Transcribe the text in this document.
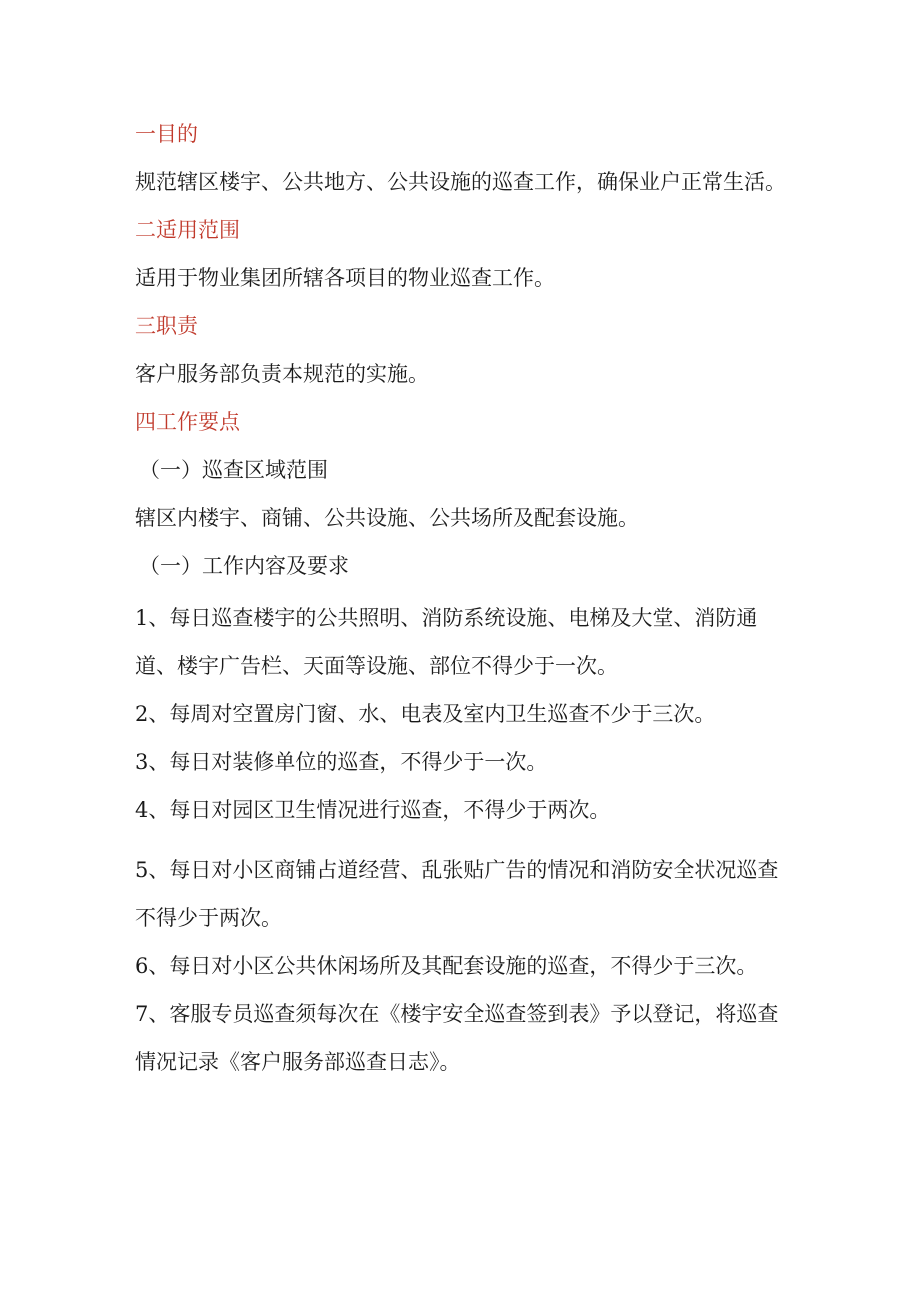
一目的
规范辖区楼宇、公共地方、公共设施的巡查工作，确保业户正常生活。
二适用范围
适用于物业集团所辖各项目的物业巡查工作。
三职责
客户服务部负责本规范的实施。
四工作要点
（一）巡查区域范围
辖区内楼宇、商铺、公共设施、公共场所及配套设施。
（一）工作内容及要求
1、每日巡查楼宇的公共照明、消防系统设施、电梯及大堂、消防通道、楼宇广告栏、天面等设施、部位不得少于一次。
2、每周对空置房门窗、水、电表及室内卫生巡查不少于三次。
3、每日对装修单位的巡查，不得少于一次。
4、每日对园区卫生情况进行巡查，不得少于两次。
5、每日对小区商铺占道经营、乱张贴广告的情况和消防安全状况巡查不得少于两次。
6、每日对小区公共休闲场所及其配套设施的巡查，不得少于三次。
7、客服专员巡查须每次在《楼宇安全巡查签到表》予以登记，将巡查情况记录《客户服务部巡查日志》。
